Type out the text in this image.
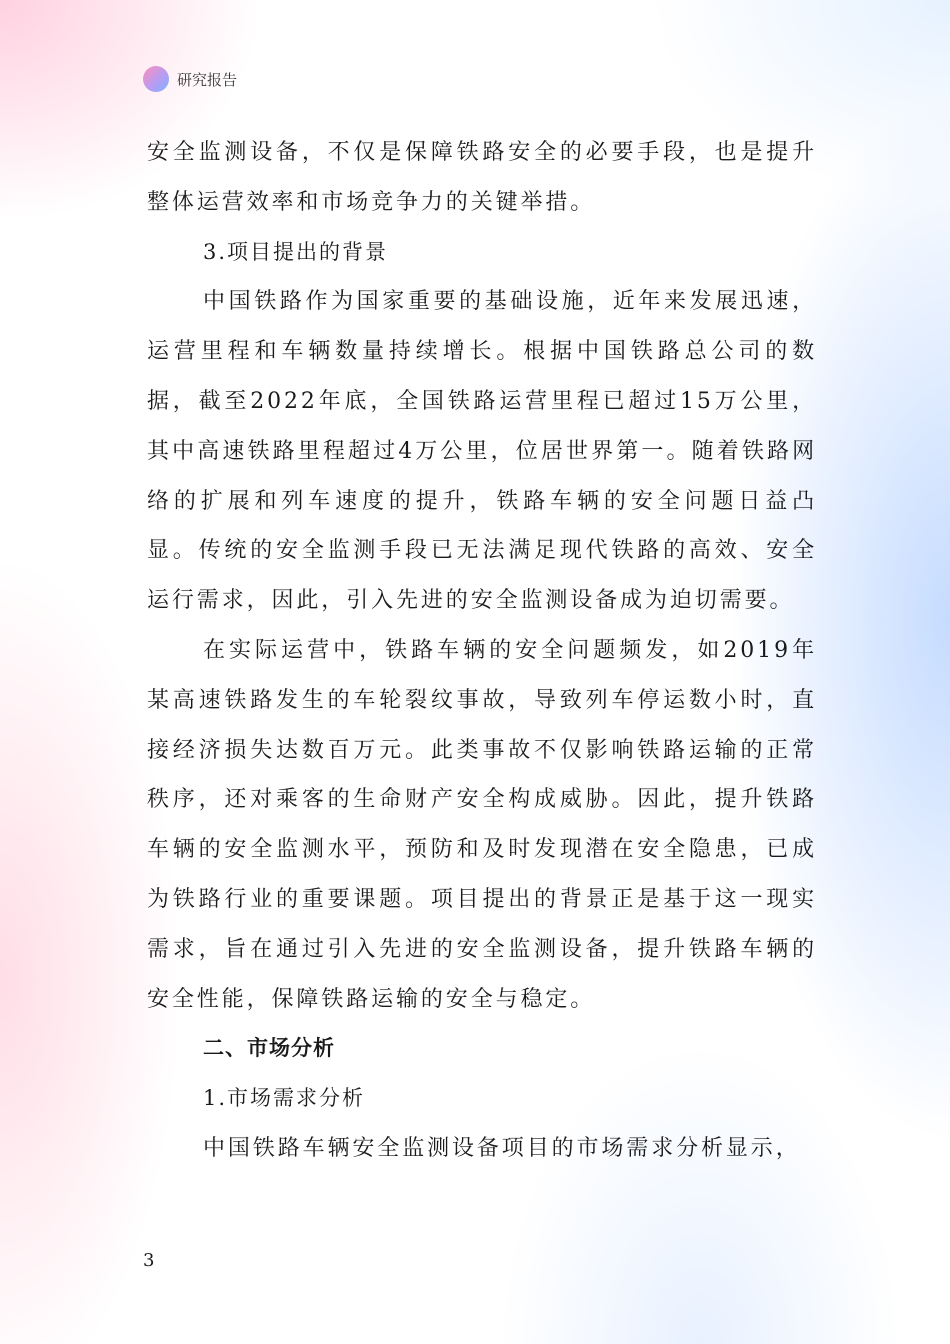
研究报告

安全监测设备，不仅是保障铁路安全的必要手段，也是提升整体运营效率和市场竞争力的关键举措。

3.项目提出的背景

中国铁路作为国家重要的基础设施，近年来发展迅速，运营里程和车辆数量持续增长。根据中国铁路总公司的数据，截至2022年底，全国铁路运营里程已超过15万公里，其中高速铁路里程超过4万公里，位居世界第一。随着铁路网络的扩展和列车速度的提升，铁路车辆的安全问题日益凸显。传统的安全监测手段已无法满足现代铁路的高效、安全运行需求，因此，引入先进的安全监测设备成为迫切需要。

在实际运营中，铁路车辆的安全问题频发，如2019年某高速铁路发生的车轮裂纹事故，导致列车停运数小时，直接经济损失达数百万元。此类事故不仅影响铁路运输的正常秩序，还对乘客的生命财产安全构成威胁。因此，提升铁路车辆的安全监测水平，预防和及时发现潜在安全隐患，已成为铁路行业的重要课题。项目提出的背景正是基于这一现实需求，旨在通过引入先进的安全监测设备，提升铁路车辆的安全性能，保障铁路运输的安全与稳定。

二、市场分析

1.市场需求分析

中国铁路车辆安全监测设备项目的市场需求分析显示，

3
